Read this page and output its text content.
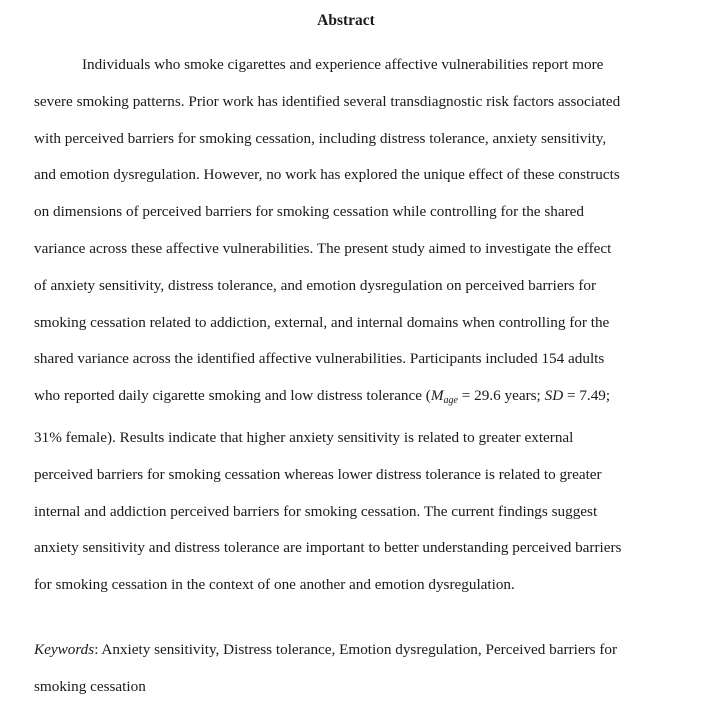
Abstract
Individuals who smoke cigarettes and experience affective vulnerabilities report more
severe smoking patterns. Prior work has identified several transdiagnostic risk factors associated
with perceived barriers for smoking cessation, including distress tolerance, anxiety sensitivity,
and emotion dysregulation. However, no work has explored the unique effect of these constructs
on dimensions of perceived barriers for smoking cessation while controlling for the shared
variance across these affective vulnerabilities. The present study aimed to investigate the effect
of anxiety sensitivity, distress tolerance, and emotion dysregulation on perceived barriers for
smoking cessation related to addiction, external, and internal domains when controlling for the
shared variance across the identified affective vulnerabilities. Participants included 154 adults
who reported daily cigarette smoking and low distress tolerance ($M_{age} = 29.6$ years; SD = 7.49;
31% female). Results indicate that higher anxiety sensitivity is related to greater external
perceived barriers for smoking cessation whereas lower distress tolerance is related to greater
internal and addiction perceived barriers for smoking cessation. The current findings suggest
anxiety sensitivity and distress tolerance are important to better understanding perceived barriers
for smoking cessation in the context of one another and emotion dysregulation.
Keywords: Anxiety sensitivity, Distress tolerance, Emotion dysregulation, Perceived barriers for
smoking cessation
